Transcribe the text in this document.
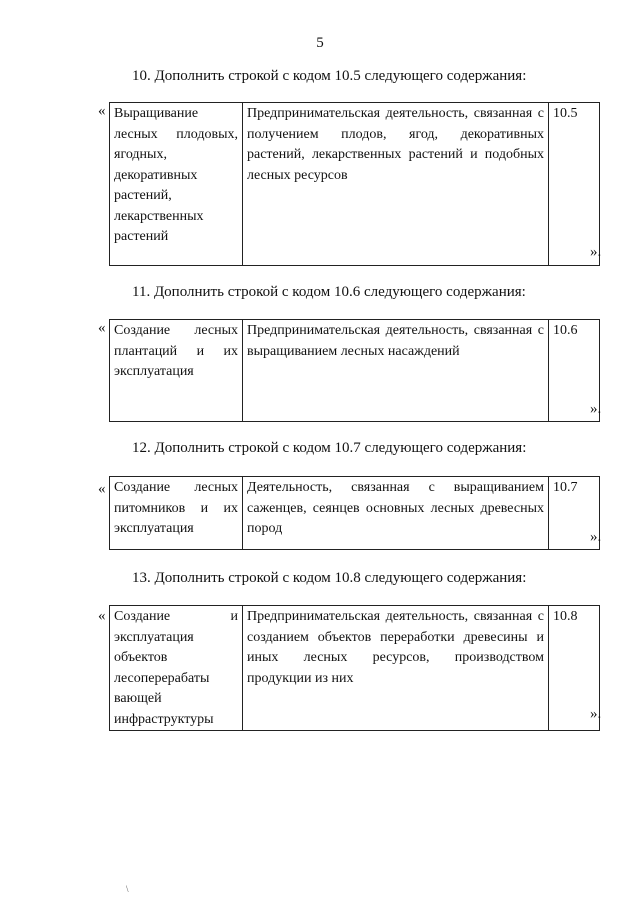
5
10. Дополнить строкой с кодом 10.5 следующего содержания:
« Выращивание лесных плодовых, ягодных, декоративных растений, лекарственных растений	Предпринимательская деятельность, связанная с получением плодов, ягод, декоративных растений, лекарственных растений и подобных лесных ресурсов	10.5
».
11. Дополнить строкой с кодом 10.6 следующего содержания:
« Создание лесных плантаций и их эксплуатация	Предпринимательская деятельность, связанная с выращиванием лесных насаждений	10.6
».
12. Дополнить строкой с кодом 10.7 следующего содержания:
« Создание лесных питомников и их эксплуатация	Деятельность, связанная с выращиванием саженцев, сеянцев основных лесных древесных пород	10.7
».
13. Дополнить строкой с кодом 10.8 следующего содержания:
« Создание и эксплуатация объектов лесоперерабаты вающей инфраструктуры	Предпринимательская деятельность, связанная с созданием объектов переработки древесины и иных лесных ресурсов, производством продукции из них	10.8
».
\
